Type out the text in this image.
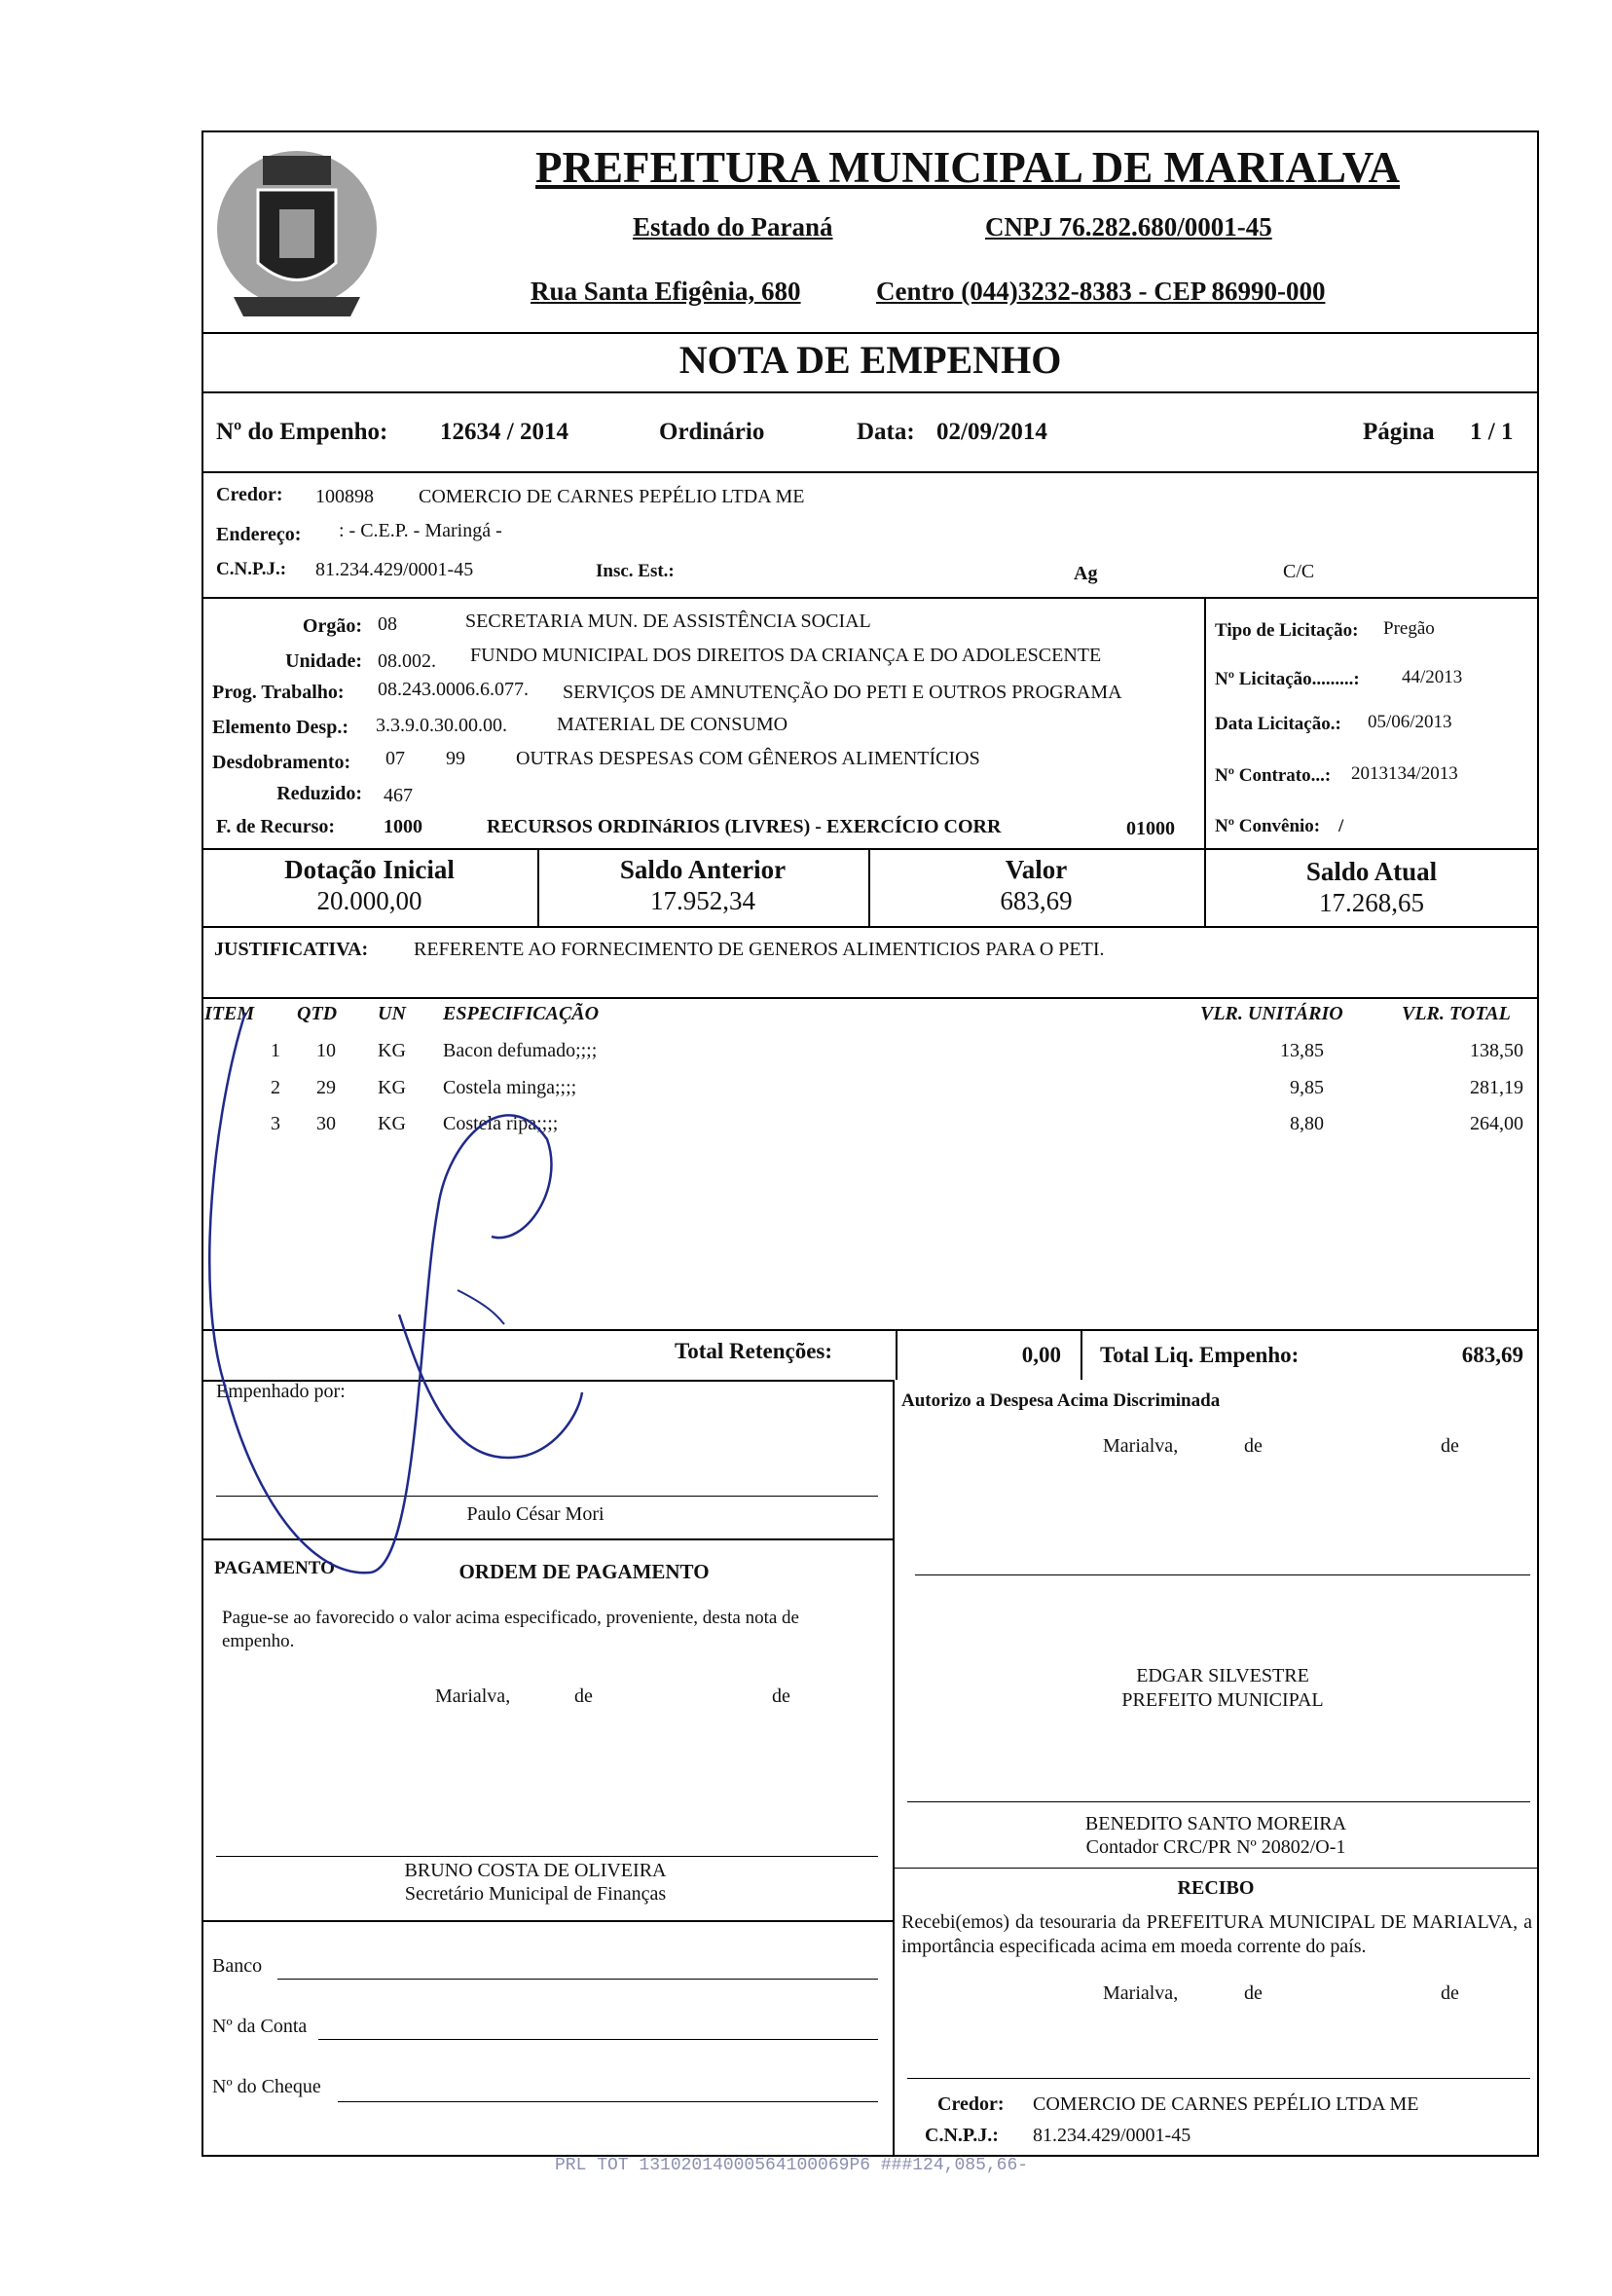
PREFEITURA MUNICIPAL DE MARIALVA
Estado do Paraná	CNPJ 76.282.680/0001-45
Rua Santa Efigênia, 680	Centro (044)3232-8383 - CEP 86990-000
NOTA DE EMPENHO
Nº do Empenho: 12634 / 2014	Ordinário	Data: 02/09/2014	Página 1 / 1
Credor: 100898 COMERCIO DE CARNES PEPÉLIO LTDA ME
Endereço: : - C.E.P. - Maringá -
C.N.P.J.: 81.234.429/0001-45	Insc. Est.:	Ag	C/C
Orgão: 08	SECRETARIA MUN. DE ASSISTÊNCIA SOCIAL
Unidade: 08.002. FUNDO MUNICIPAL DOS DIREITOS DA CRIANÇA E DO ADOLESCENTE
Prog. Trabalho: 08.243.0006.6.077. SERVIÇOS DE AMNUTENÇÃO DO PETI E OUTROS PROGRAMA
Elemento Desp.: 3.3.9.0.30.00.00.	MATERIAL DE CONSUMO
Desdobramento: 07 99	OUTRAS DESPESAS COM GÊNEROS ALIMENTÍCIOS
Reduzido: 467
F. de Recurso: 1000	RECURSOS ORDINáRIOS (LIVRES) - EXERCÍCIO CORR	01000
Tipo de Licitação: Pregão
Nº Licitação.........: 44/2013
Data Licitação.: 05/06/2013
Nº Contrato...: 2013134/2013
Nº Convênio: /
Dotação Inicial
20.000,00
Saldo Anterior
17.952,34
Valor
683,69
Saldo Atual
17.268,65
JUSTIFICATIVA: REFERENTE AO FORNECIMENTO DE GENEROS ALIMENTICIOS PARA O PETI.
ITEM QTD UN ESPECIFICAÇÃO	VLR. UNITÁRIO	VLR. TOTAL
1 10 KG Bacon defumado;;;;	13,85	138,50
2 29 KG Costela minga;;;;	9,85	281,19
3 30 KG Costela ripa;;;;	8,80	264,00
Total Retenções:	0,00 Total Liq. Empenho:	683,69
Empenhado por:
Paulo César Mori
Autorizo a Despesa Acima Discriminada
Marialva,	de	de
EDGAR SILVESTRE
PREFEITO MUNICIPAL
PAGAMENTO	ORDEM DE PAGAMENTO
Pague-se ao favorecido o valor acima especificado, proveniente, desta nota de empenho.
Marialva,	de	de
BRUNO COSTA DE OLIVEIRA
Secretário Municipal de Finanças
BENEDITO SANTO MOREIRA
Contador CRC/PR Nº 20802/O-1
RECIBO
Recebi(emos) da tesouraria da PREFEITURA MUNICIPAL DE MARIALVA, a importância especificada acima em moeda corrente do país.
Marialva,	de	de
Credor: COMERCIO DE CARNES PEPÉLIO LTDA ME
C.N.P.J.: 81.234.429/0001-45
Banco
Nº da Conta
Nº do Cheque
PRL TOT 13102014000564100069P6 ###124,085,66-
